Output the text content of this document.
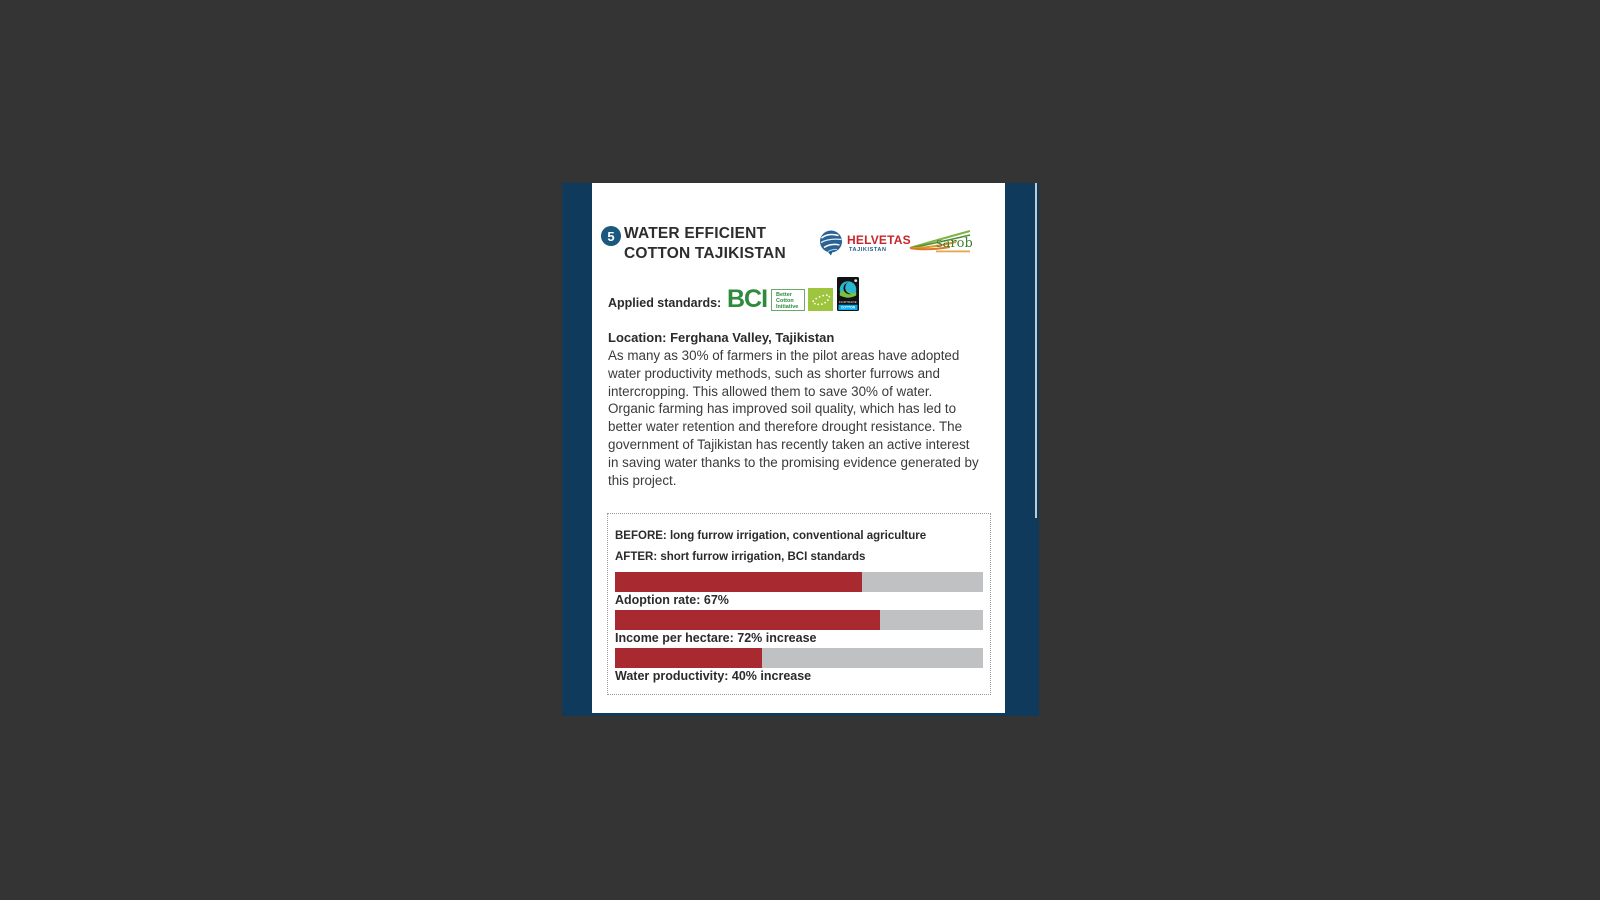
5 WATER EFFICIENT
COTTON TAJIKISTAN
HELVETAS
TAJIKISTAN	sarob
Applied standards: BCI Better
Cotton
Initiative
FAIRTRADE
COTTON
Location: Ferghana Valley, Tajikistan
As many as 30% of farmers in the pilot areas have adopted water productivity methods, such as shorter furrows and intercropping. This allowed them to save 30% of water. Organic farming has improved soil quality, which has led to better water retention and therefore drought resistance. The government of Tajikistan has recently taken an active interest in saving water thanks to the promising evidence generated by this project.
BEFORE: long furrow irrigation, conventional agriculture
AFTER: short furrow irrigation, BCI standards
Adoption rate: 67%
Income per hectare: 72% increase
Water productivity: 40% increase
